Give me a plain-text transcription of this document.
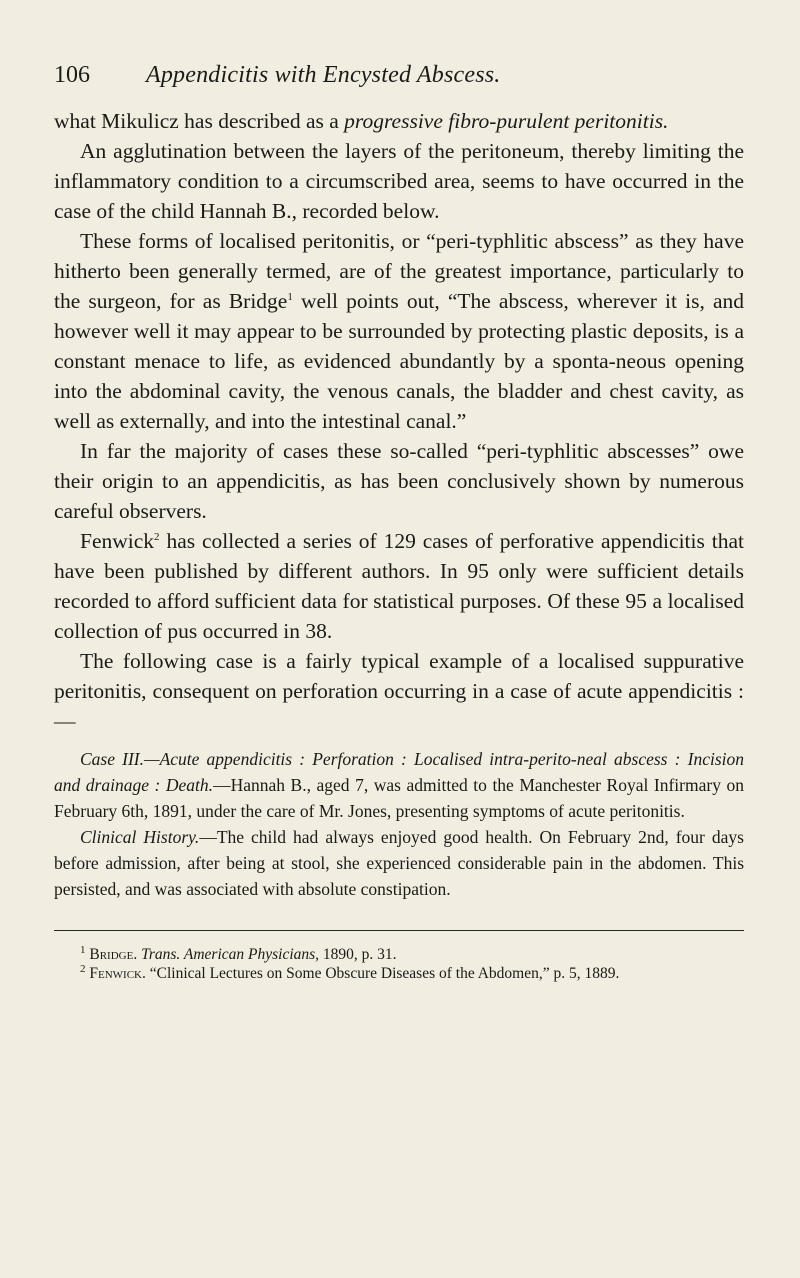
106	Appendicitis with Encysted Abscess.

what Mikulicz has described as a progressive fibro-purulent peritonitis.

An agglutination between the layers of the peritoneum, thereby limiting the inflammatory condition to a circumscribed area, seems to have occurred in the case of the child Hannah B., recorded below.

These forms of localised peritonitis, or “peri-typhlitic abscess” as they have hitherto been generally termed, are of the greatest importance, particularly to the surgeon, for as Bridge$^1$ well points out, “The abscess, wherever it is, and however well it may appear to be surrounded by protecting plastic deposits, is a constant menace to life, as evidenced abundantly by a sponta-neous opening into the abdominal cavity, the venous canals, the bladder and chest cavity, as well as externally, and into the intestinal canal.”

In far the majority of cases these so-called “peri-typhlitic abscesses” owe their origin to an appendicitis, as has been conclusively shown by numerous careful observers.

Fenwick$^2$ has collected a series of 129 cases of perforative appendicitis that have been published by different authors. In 95 only were sufficient details recorded to afford sufficient data for statistical purposes. Of these 95 a localised collection of pus occurred in 38.

The following case is a fairly typical example of a localised suppurative peritonitis, consequent on perforation occurring in a case of acute appendicitis :—

Case III.—Acute appendicitis : Perforation : Localised intra-perito-neal abscess : Incision and drainage : Death.—Hannah B., aged 7, was admitted to the Manchester Royal Infirmary on February 6th, 1891, under the care of Mr. Jones, presenting symptoms of acute peritonitis.

Clinical History.—The child had always enjoyed good health. On February 2nd, four days before admission, after being at stool, she experienced considerable pain in the abdomen. This persisted, and was associated with absolute constipation.

$^1$ Bridge. Trans. American Physicians, 1890, p. 31.

$^2$ Fenwick. “Clinical Lectures on Some Obscure Diseases of the Abdomen,” p. 5, 1889.
